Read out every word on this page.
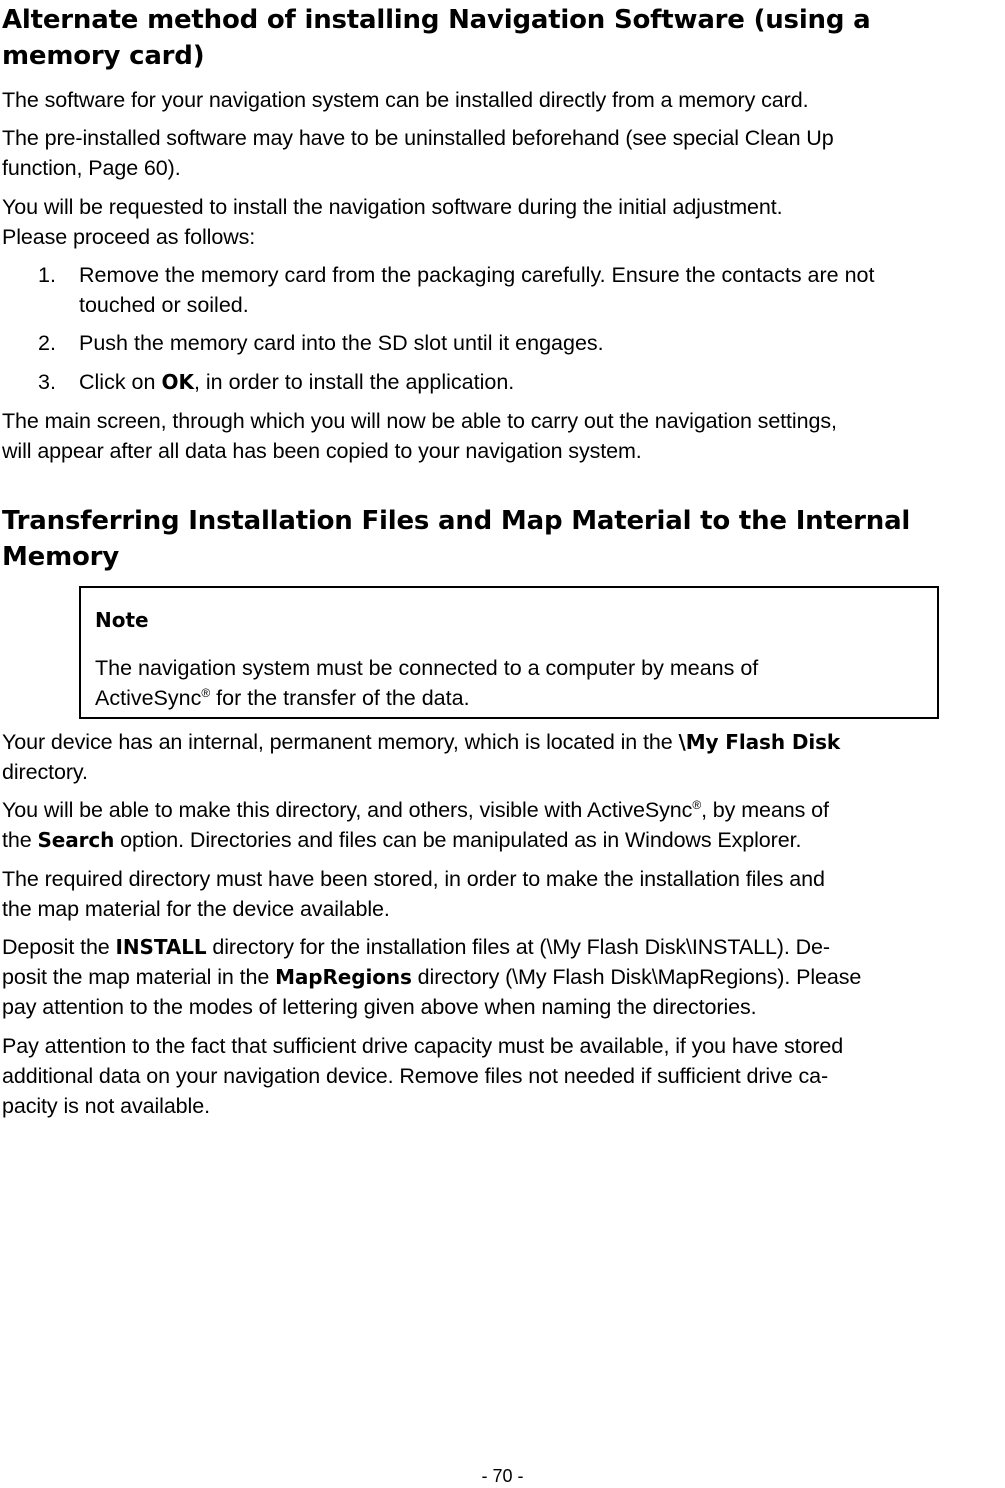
Alternate method of installing Navigation Software (using a
memory card)

The software for your navigation system can be installed directly from a memory card.

The pre-installed software may have to be uninstalled beforehand (see special Clean Up
function, Page 60).

You will be requested to install the navigation software during the initial adjustment.
Please proceed as follows:

1.	Remove the memory card from the packaging carefully. Ensure the contacts are not
touched or soiled.
2.	Push the memory card into the SD slot until it engages.
3.	Click on OK, in order to install the application.

The main screen, through which you will now be able to carry out the navigation settings,
will appear after all data has been copied to your navigation system.

Transferring Installation Files and Map Material to the Internal
Memory
Note
The navigation system must be connected to a computer by means of
ActiveSync® for the transfer of the data.

Your device has an internal, permanent memory, which is located in the \My Flash Disk
directory.

You will be able to make this directory, and others, visible with ActiveSync®, by means of
the Search option. Directories and files can be manipulated as in Windows Explorer.

The required directory must have been stored, in order to make the installation files and
the map material for the device available.

Deposit the INSTALL directory for the installation files at (\My Flash Disk\INSTALL). De-
posit the map material in the MapRegions directory (\My Flash Disk\MapRegions). Please
pay attention to the modes of lettering given above when naming the directories.

Pay attention to the fact that sufficient drive capacity must be available, if you have stored
additional data on your navigation device. Remove files not needed if sufficient drive ca-
pacity is not available.

- 70 -
